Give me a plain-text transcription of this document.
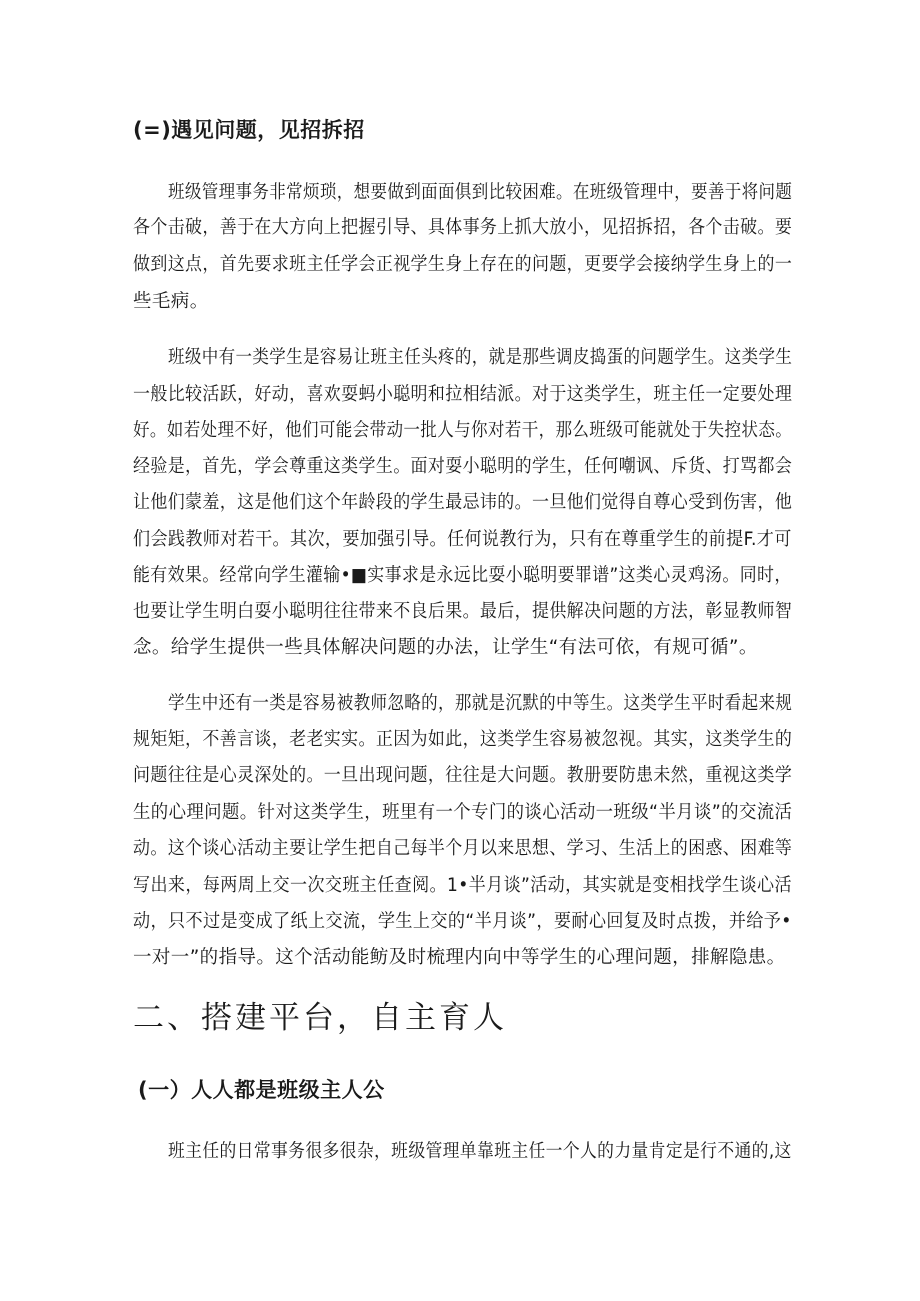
(=)遇见问题，见招拆招
班级管理事务非常烦琐，想要做到面面俱到比较困难。在班级管理中，要善于将问题
各个击破，善于在大方向上把握引导、具体事务上抓大放小，见招拆招，各个击破。要
做到这点，首先要求班主任学会正视学生身上存在的问题，更要学会接纳学生身上的一
些毛病。
班级中有一类学生是容易让班主任头疼的，就是那些调皮捣蛋的问题学生。这类学生
一般比较活跃，好动，喜欢耍蚂小聪明和拉相结派。对于这类学生，班主任一定要处理
好。如若处理不好，他们可能会带动一批人与你对若干，那么班级可能就处于失控状态。
经验是，首先，学会尊重这类学生。面对耍小聪明的学生，任何嘲讽、斥货、打骂都会
让他们蒙羞，这是他们这个年龄段的学生最忌讳的。一旦他们觉得自尊心受到伤害，他
们会践教师对若干。其次，要加强引导。任何说教行为，只有在尊重学生的前提F.才可
能有效果。经常向学生灌输•■实事求是永远比耍小聪明要罪谱”这类心灵鸡汤。同时，
也要让学生明白耍小聪明往往带来不良后果。最后，提供解决问题的方法，彰显教师智
念。给学生提供一些具体解决问题的办法，让学生“有法可依，有规可循”。
学生中还有一类是容易被教师忽略的，那就是沉默的中等生。这类学生平时看起来规
规矩矩，不善言谈，老老实实。正因为如此，这类学生容易被忽视。其实，这类学生的
问题往往是心灵深处的。一旦出现问题，往往是大问题。教册要防患未然，重视这类学
生的心理问题。针对这类学生，班里有一个专门的谈心活动一班级“半月谈”的交流活
动。这个谈心活动主要让学生把自己每半个月以来思想、学习、生活上的困惑、困难等
写出来，每两周上交一次交班主任查阅。1•半月谈”活动，其实就是变相找学生谈心活
动，只不过是变成了纸上交流，学生上交的“半月谈”，要耐心回复及时点拨，并给予•
一对一”的指导。这个活动能鲂及时梳理内向中等学生的心理问题，排解隐患。
二、搭建平台，自主育人
(一）人人都是班级主人公
班主任的日常事务很多很杂，班级管理单靠班主任一个人的力量肯定是行不通的,这
